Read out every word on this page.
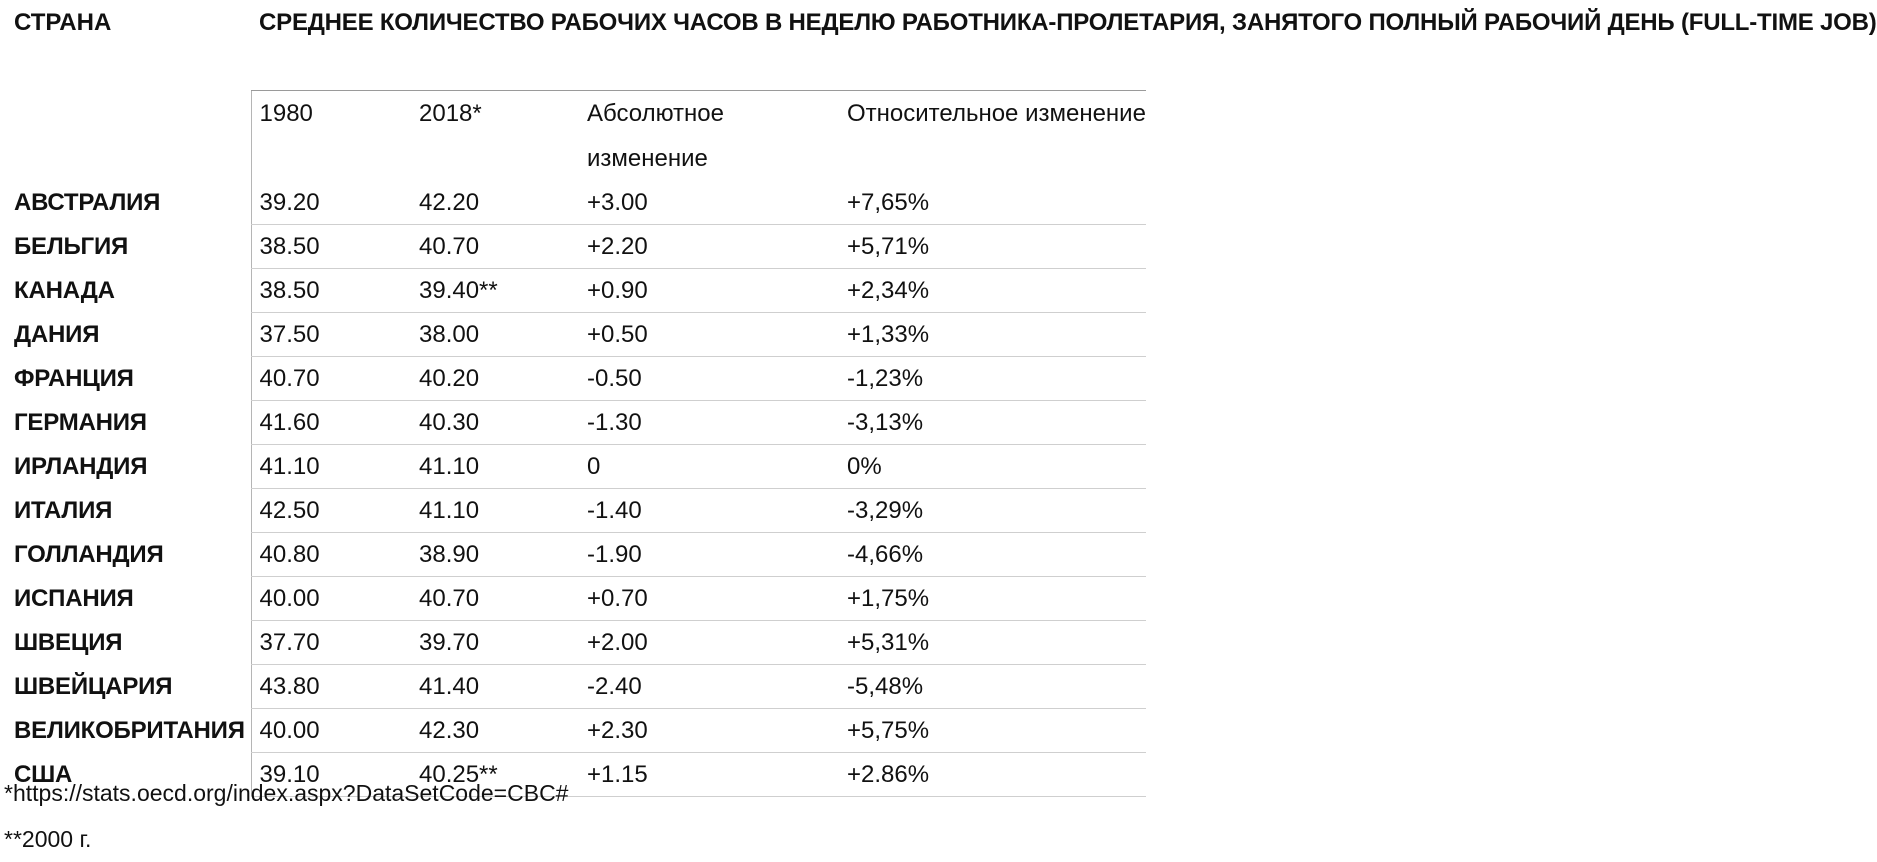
СТРАНА	СРЕДНЕЕ КОЛИЧЕСТВО РАБОЧИХ ЧАСОВ В НЕДЕЛЮ РАБОТНИКА-ПРОЛЕТАРИЯ, ЗАНЯТОГО ПОЛНЫЙ РАБОЧИЙ ДЕНЬ (FULL-TIME JOB)			
	1980	2018*	Абсолютное изменение	Относительное изменение
АВСТРАЛИЯ	39.20	42.20	+3.00	+7,65%
БЕЛЬГИЯ	38.50	40.70	+2.20	+5,71%
КАНАДА	38.50	39.40**	+0.90	+2,34%
ДАНИЯ	37.50	38.00	+0.50	+1,33%
ФРАНЦИЯ	40.70	40.20	-0.50	-1,23%
ГЕРМАНИЯ	41.60	40.30	-1.30	-3,13%
ИРЛАНДИЯ	41.10	41.10	0	0%
ИТАЛИЯ	42.50	41.10	-1.40	-3,29%
ГОЛЛАНДИЯ	40.80	38.90	-1.90	-4,66%
ИСПАНИЯ	40.00	40.70	+0.70	+1,75%
ШВЕЦИЯ	37.70	39.70	+2.00	+5,31%
ШВЕЙЦАРИЯ	43.80	41.40	-2.40	-5,48%
ВЕЛИКОБРИТАНИЯ	40.00	42.30	+2.30	+5,75%
США	39.10	40.25**	+1.15	+2.86%
*https://stats.oecd.org/index.aspx?DataSetCode=CBC#
**2000 г.
